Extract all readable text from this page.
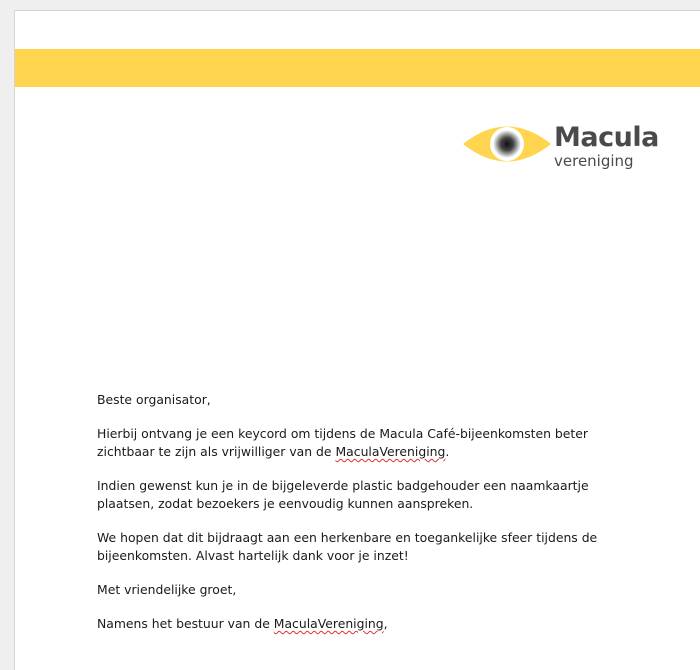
Macula
vereniging

Beste organisator,

Hierbij ontvang je een keycord om tijdens de Macula Café-bijeenkomsten beter zichtbaar te zijn als vrijwilliger van de MaculaVereniging.

Indien gewenst kun je in de bijgeleverde plastic badgehouder een naamkaartje plaatsen, zodat bezoekers je eenvoudig kunnen aanspreken.

We hopen dat dit bijdraagt aan een herkenbare en toegankelijke sfeer tijdens de bijeenkomsten. Alvast hartelijk dank voor je inzet!

Met vriendelijke groet,

Namens het bestuur van de MaculaVereniging,
